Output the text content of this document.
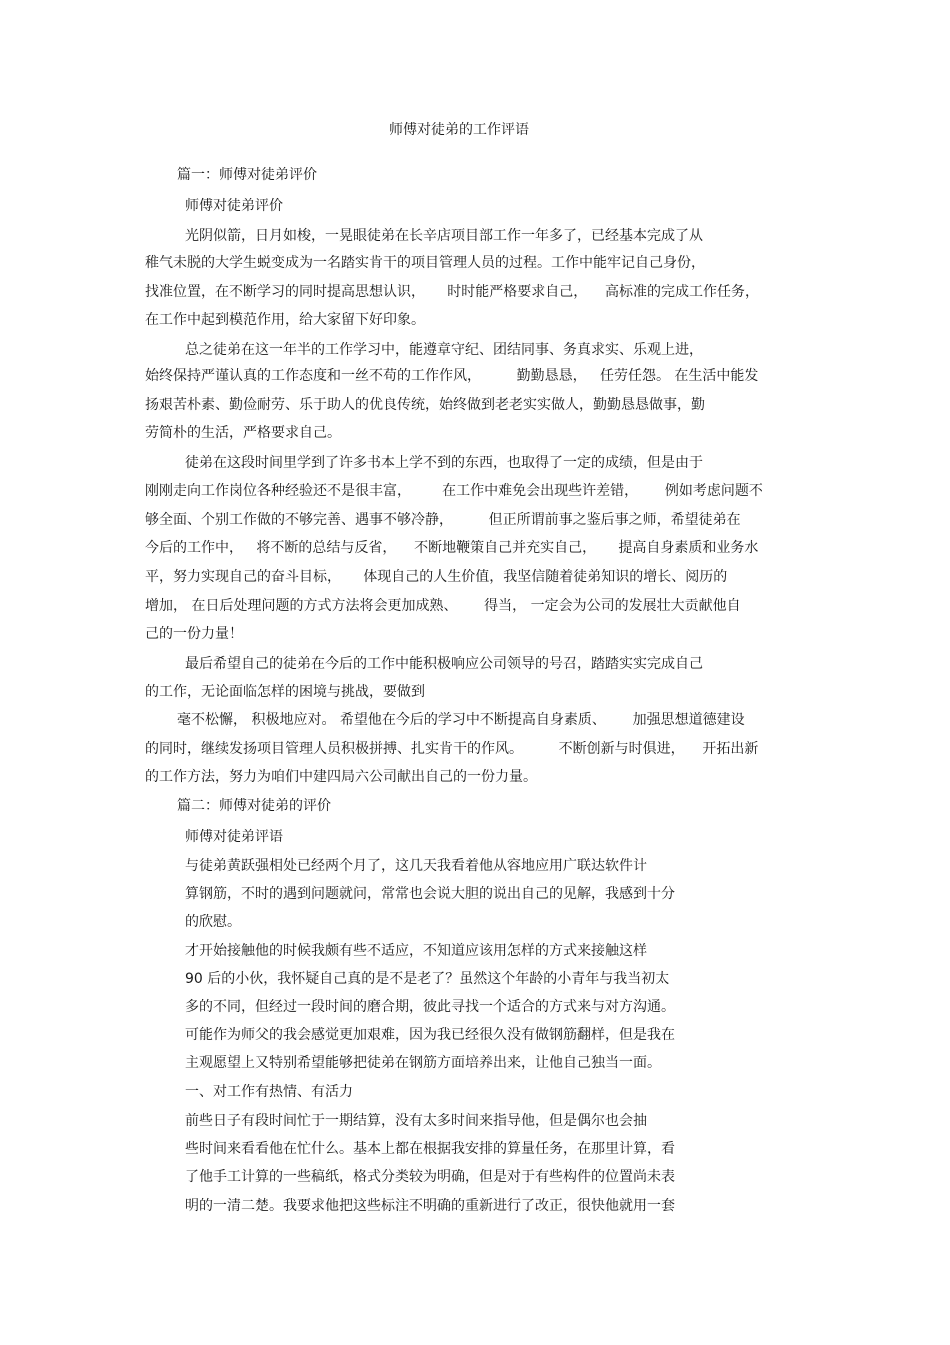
师傅对徒弟的工作评语
篇一：师傅对徒弟评价
师傅对徒弟评价
光阴似箭，日月如梭，一晃眼徒弟在长辛店项目部工作一年多了，已经基本完成了从
稚气未脱的大学生蜕变成为一名踏实肯干的项目管理人员的过程。工作中能牢记自己身份，
找准位置，在不断学习的同时提高思想认识，     时时能严格要求自己，    高标准的完成工作任务，
在工作中起到模范作用，给大家留下好印象。
总之徒弟在这一年半的工作学习中，能遵章守纪、团结同事、务真求实、乐观上进，
始终保持严谨认真的工作态度和一丝不苟的工作作风，        勤勤恳恳，   任劳任怨。 在生活中能发
扬艰苦朴素、勤俭耐劳、乐于助人的优良传统，始终做到老老实实做人，勤勤恳恳做事，勤
劳简朴的生活，严格要求自己。
徒弟在这段时间里学到了许多书本上学不到的东西，也取得了一定的成绩，但是由于
刚刚走向工作岗位各种经验还不是很丰富，       在工作中难免会出现些许差错，      例如考虑问题不
够全面、个别工作做的不够完善、遇事不够冷静，        但正所谓前事之鉴后事之师，希望徒弟在
今后的工作中，   将不断的总结与反省，    不断地鞭策自己并充实自己，     提高自身素质和业务水
平，努力实现自己的奋斗目标，     体现自己的人生价值，我坚信随着徒弟知识的增长、阅历的
增加， 在日后处理问题的方式方法将会更加成熟、      得当， 一定会为公司的发展壮大贡献他自
己的一份力量！
最后希望自己的徒弟在今后的工作中能积极响应公司领导的号召，踏踏实实完成自己
的工作，无论面临怎样的困境与挑战，要做到
毫不松懈， 积极地应对。 希望他在今后的学习中不断提高自身素质、      加强思想道德建设
的同时，继续发扬项目管理人员积极拼搏、扎实肯干的作风。        不断创新与时俱进，    开拓出新
的工作方法，努力为咱们中建四局六公司献出自己的一份力量。
篇二：师傅对徒弟的评价
师傅对徒弟评语
与徒弟黄跃强相处已经两个月了，这几天我看着他从容地应用广联达软件计
算钢筋，不时的遇到问题就问，常常也会说大胆的说出自己的见解，我感到十分
的欣慰。
才开始接触他的时候我颇有些不适应，不知道应该用怎样的方式来接触这样
90 后的小伙，我怀疑自己真的是不是老了？虽然这个年龄的小青年与我当初太
多的不同，但经过一段时间的磨合期，彼此寻找一个适合的方式来与对方沟通。
可能作为师父的我会感觉更加艰难，因为我已经很久没有做钢筋翻样，但是我在
主观愿望上又特别希望能够把徒弟在钢筋方面培养出来，让他自己独当一面。
一、对工作有热情、有活力
前些日子有段时间忙于一期结算，没有太多时间来指导他，但是偶尔也会抽
些时间来看看他在忙什么。基本上都在根据我安排的算量任务，在那里计算，看
了他手工计算的一些稿纸，格式分类较为明确，但是对于有些构件的位置尚未表
明的一清二楚。我要求他把这些标注不明确的重新进行了改正，很快他就用一套
